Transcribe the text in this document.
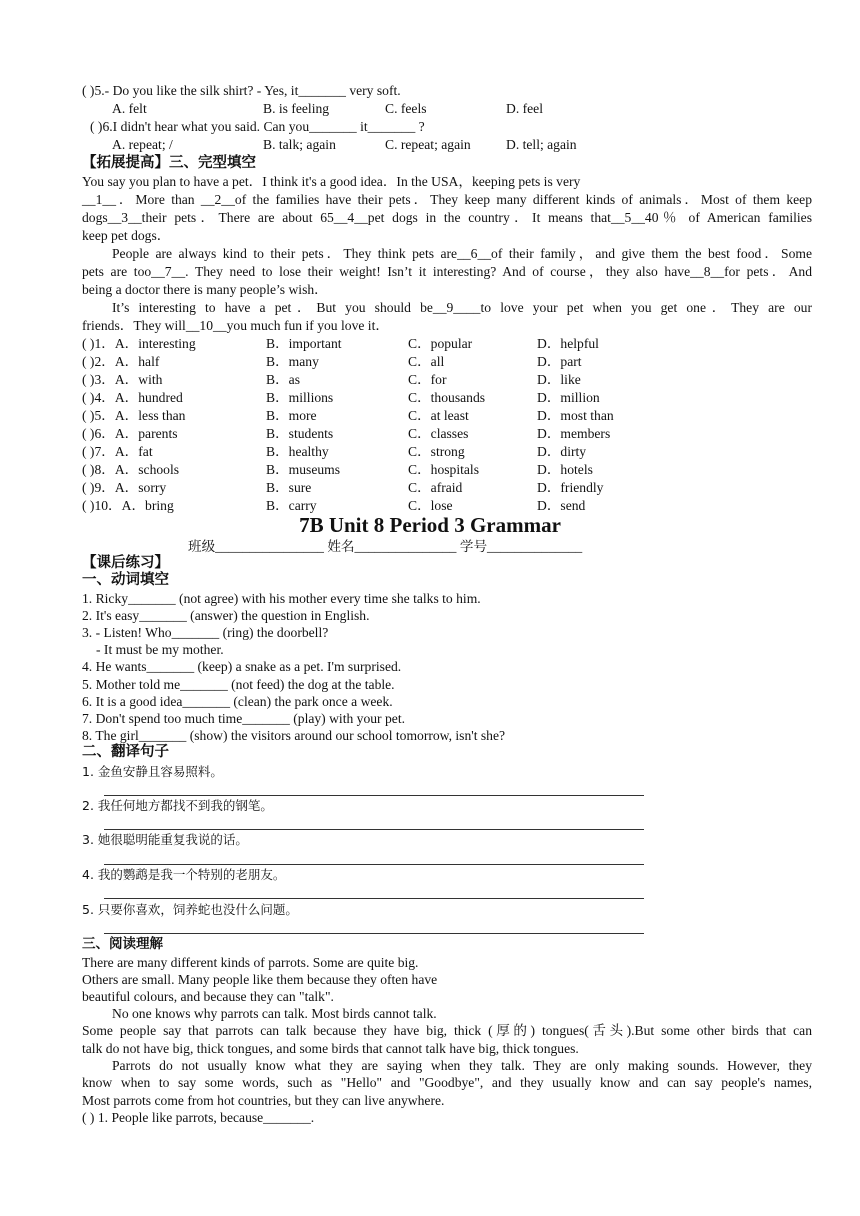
( )5.- Do you like the silk shirt? - Yes, it_______ very soft.
A. felt	B. is feeling	C. feels	D. feel
( )6.I didn't hear what you said. Can you_______ it_______ ?
A. repeat; /	B. talk; again	C. repeat; again	D. tell; again
【拓展提高】三、完型填空
You say you plan to have a pet．I think it's a good idea．In the USA，keeping pets is very
__1__．More than __2__of the families have their pets．They keep many different kinds of animals．Most of them keep
dogs__3__their pets．There are about 65__4__pet dogs in the country．It means that__5__40％ of American families
keep pet dogs．
People are always kind to their pets．They think pets are__6__of their family，and give them the best food．Some
pets are too__7__. They need to lose their weight! Isn’t it interesting? And of course，they also have__8__for pets．And
being a doctor there is many people’s wish．
It’s interesting to have a pet．But you should be__9____to love your pet when you get one．They are our
friends．They will__10__you much fun if you love it．
( )1．A．interesting	B．important	C．popular	D．helpful
( )2．A．half	B．many	C．all	D．part
( )3．A．with	B．as	C．for	D．like
( )4．A．hundred	B．millions	C．thousands	D．million
( )5．A．less than	B．more	C．at least	D．most than
( )6．A．parents	B．students	C．classes	D．members
( )7．A．fat	B．healthy	C．strong	D．dirty
( )8．A．schools	B．museums	C．hospitals	D．hotels
( )9．A．sorry	B．sure	C．afraid	D．friendly
( )10．A．bring	B．carry	C．lose	D．send
7B Unit 8 Period 3 Grammar
班级________________ 姓名_______________ 学号______________
【课后练习】
一、动词填空
1. Ricky_______ (not agree) with his mother every time she talks to him.
2. It's easy_______ (answer) the question in English.
3. - Listen! Who_______ (ring) the doorbell?
- It must be my mother.
4. He wants_______ (keep) a snake as a pet. I'm surprised.
5. Mother told me_______ (not feed) the dog at the table.
6. It is a good idea_______ (clean) the park once a week.
7. Don't spend too much time_______ (play) with your pet.
8. The girl_______ (show) the visitors around our school tomorrow, isn't she?
二、翻译句子
1. 金鱼安静且容易照料。
2. 我任何地方都找不到我的钢笔。
3. 她很聪明能重复我说的话。
4. 我的鹦鹉是我一个特别的老朋友。
5. 只要你喜欢，饲养蛇也没什么问题。
三、阅读理解
There are many different kinds of parrots. Some are quite big.
Others are small. Many people like them because they often have
beautiful colours, and because they can "talk".
No one knows why parrots can talk. Most birds cannot talk.
Some people say that parrots can talk because they have big, thick (厚的) tongues(舌头).But some other birds that can
talk do not have big, thick tongues, and some birds that cannot talk have big, thick tongues.
Parrots do not usually know what they are saying when they talk. They are only making sounds. However, they
know when to say some words, such as "Hello" and "Goodbye", and they usually know and can say people's names,
Most parrots come from hot countries, but they can live anywhere.
( ) 1. People like parrots, because_______.
